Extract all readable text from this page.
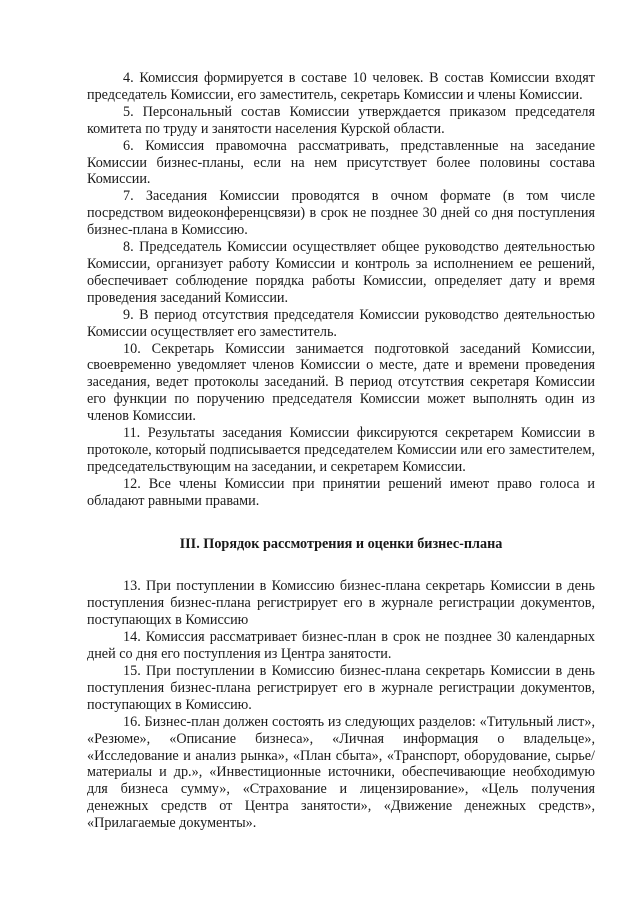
4. Комиссия формируется в составе 10 человек. В состав Комиссии входят председатель Комиссии, его заместитель, секретарь Комиссии и члены Комиссии.

5. Персональный состав Комиссии утверждается приказом председателя комитета по труду и занятости населения Курской области.

6. Комиссия правомочна рассматривать, представленные на заседание Комиссии бизнес-планы, если на нем присутствует более половины состава Комиссии.

7. Заседания Комиссии проводятся в очном формате (в том числе посредством видеоконференцсвязи) в срок не позднее 30 дней со дня поступления бизнес-плана в Комиссию.

8. Председатель Комиссии осуществляет общее руководство деятельностью Комиссии, организует работу Комиссии и контроль за исполнением ее решений, обеспечивает соблюдение порядка работы Комиссии, определяет дату и время проведения заседаний Комиссии.

9. В период отсутствия председателя Комиссии руководство деятельностью Комиссии осуществляет его заместитель.

10. Секретарь Комиссии занимается подготовкой заседаний Комиссии, своевременно уведомляет членов Комиссии о месте, дате и времени проведения заседания, ведет протоколы заседаний. В период отсутствия секретаря Комиссии его функции по поручению председателя Комиссии может выполнять один из членов Комиссии.

11. Результаты заседания Комиссии фиксируются секретарем Комиссии в протоколе, который подписывается председателем Комиссии или его заместителем, председательствующим на заседании, и секретарем Комиссии.

12. Все члены Комиссии при принятии решений имеют право голоса и обладают равными правами.

III. Порядок рассмотрения и оценки бизнес-плана

13. При поступлении в Комиссию бизнес-плана секретарь Комиссии в день поступления бизнес-плана регистрирует его в журнале регистрации документов, поступающих в Комиссию

14. Комиссия рассматривает бизнес-план в срок не позднее 30 календарных дней со дня его поступления из Центра занятости.

15. При поступлении в Комиссию бизнес-плана секретарь Комиссии в день поступления бизнес-плана регистрирует его в журнале регистрации документов, поступающих в Комиссию.

16. Бизнес-план должен состоять из следующих разделов: «Титульный лист», «Резюме», «Описание бизнеса», «Личная информация о владельце», «Исследование и анализ рынка», «План сбыта», «Транспорт, оборудование, сырье/материалы и др.», «Инвестиционные источники, обеспечивающие необходимую для бизнеса сумму», «Страхование и лицензирование», «Цель получения денежных средств от Центра занятости», «Движение денежных средств», «Прилагаемые документы».
